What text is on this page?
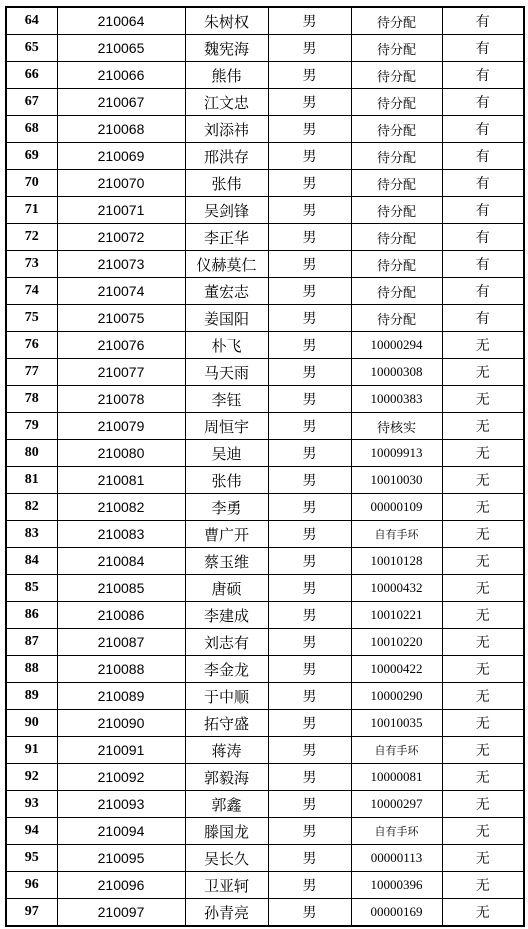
64	210064	朱树权	男	待分配	有
65	210065	魏宪海	男	待分配	有
66	210066	熊伟	男	待分配	有
67	210067	江文忠	男	待分配	有
68	210068	刘添祎	男	待分配	有
69	210069	邢洪存	男	待分配	有
70	210070	张伟	男	待分配	有
71	210071	吴剑锋	男	待分配	有
72	210072	李正华	男	待分配	有
73	210073	仪赫莫仁	男	待分配	有
74	210074	董宏志	男	待分配	有
75	210075	姜国阳	男	待分配	有
76	210076	朴飞	男	10000294	无
77	210077	马天雨	男	10000308	无
78	210078	李钰	男	10000383	无
79	210079	周恒宇	男	待核实	无
80	210080	吴迪	男	10009913	无
81	210081	张伟	男	10010030	无
82	210082	李勇	男	00000109	无
83	210083	曹广开	男	自有手环	无
84	210084	蔡玉维	男	10010128	无
85	210085	唐硕	男	10000432	无
86	210086	李建成	男	10010221	无
87	210087	刘志有	男	10010220	无
88	210088	李金龙	男	10000422	无
89	210089	于中顺	男	10000290	无
90	210090	拓守盛	男	10010035	无
91	210091	蒋涛	男	自有手环	无
92	210092	郭毅海	男	10000081	无
93	210093	郭鑫	男	10000297	无
94	210094	滕国龙	男	自有手环	无
95	210095	吴长久	男	00000113	无
96	210096	卫亚轲	男	10000396	无
97	210097	孙青亮	男	00000169	无
